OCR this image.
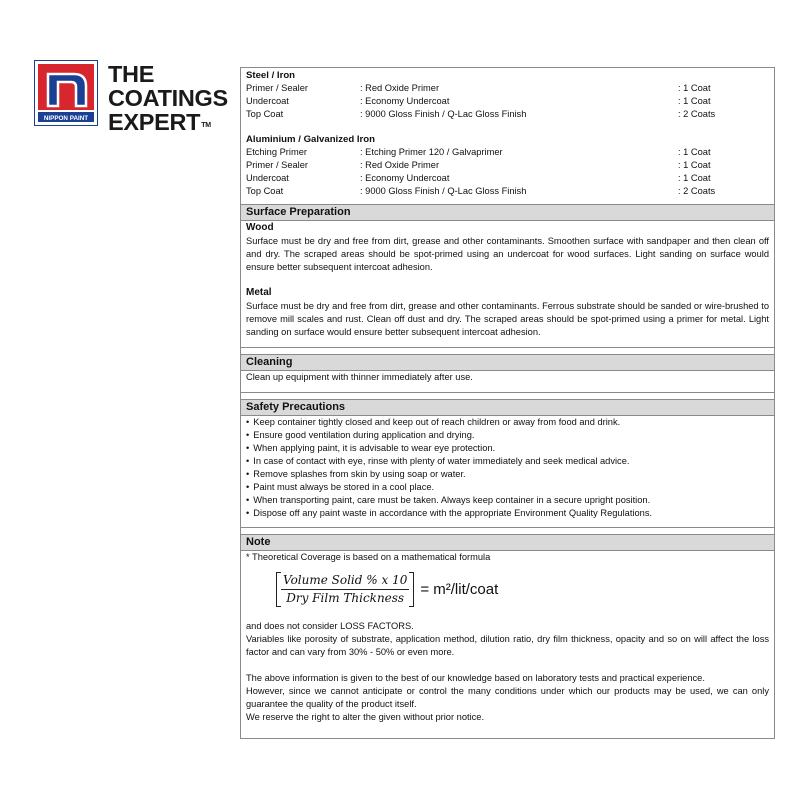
NIPPON PAINT
THE
COATINGS
EXPERT™
Steel / Iron
Primer / Sealer	: Red Oxide Primer	: 1 Coat
Undercoat	: Economy Undercoat	: 1 Coat
Top Coat	: 9000 Gloss Finish / Q-Lac Gloss Finish	: 2 Coats
Aluminium / Galvanized Iron
Etching Primer	: Etching Primer 120 / Galvaprimer	: 1 Coat
Primer / Sealer	: Red Oxide Primer	: 1 Coat
Undercoat	: Economy Undercoat	: 1 Coat
Top Coat	: 9000 Gloss Finish / Q-Lac Gloss Finish	: 2 Coats
Surface Preparation
Wood
Surface must be dry and free from dirt, grease and other contaminants. Smoothen surface with sandpaper and then clean off and dry. The scraped areas should be spot-primed using an undercoat for wood surfaces. Light sanding on surface would ensure better subsequent intercoat adhesion.
Metal
Surface must be dry and free from dirt, grease and other contaminants. Ferrous substrate should be sanded or wire-brushed to remove mill scales and rust. Clean off dust and dry. The scraped areas should be spot-primed using a primer for metal. Light sanding on surface would ensure better subsequent intercoat adhesion.
Cleaning
Clean up equipment with thinner immediately after use.
Safety Precautions
• Keep container tightly closed and keep out of reach children or away from food and drink.
• Ensure good ventilation during application and drying.
• When applying paint, it is advisable to wear eye protection.
• In case of contact with eye, rinse with plenty of water immediately and seek medical advice.
• Remove splashes from skin by using soap or water.
• Paint must always be stored in a cool place.
• When transporting paint, care must be taken. Always keep container in a secure upright position.
• Dispose off any paint waste in accordance with the appropriate Environment Quality Regulations.
Note
* Theoretical Coverage is based on a mathematical formula
Volume Solid % x 10
Dry Film Thickness = m²/lit/coat
and does not consider LOSS FACTORS.
Variables like porosity of substrate, application method, dilution ratio, dry film thickness, opacity and so on will affect the loss factor and can vary from 30% - 50% or even more.
The above information is given to the best of our knowledge based on laboratory tests and practical experience.
However, since we cannot anticipate or control the many conditions under which our products may be used, we can only guarantee the quality of the product itself.
We reserve the right to alter the given without prior notice.
